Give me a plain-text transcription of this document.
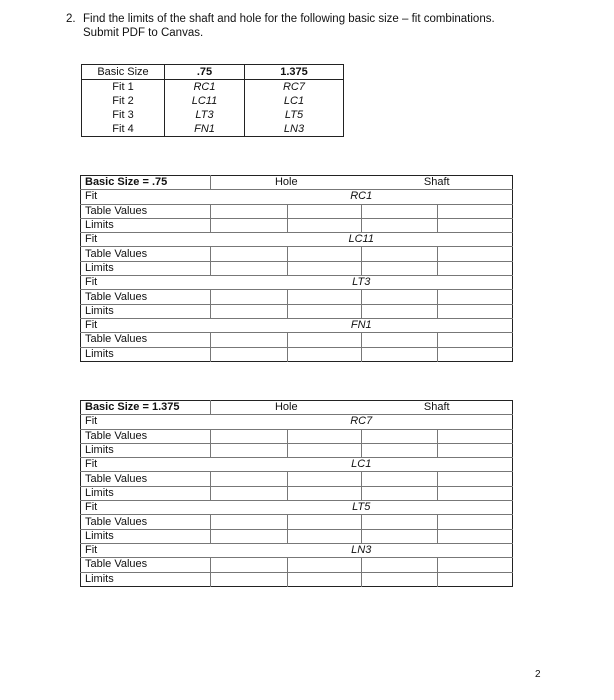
2. Find the limits of the shaft and hole for the following basic size – fit combinations.
Submit PDF to Canvas.
Basic Size	.75	1.375
Fit 1	RC1	RC7
Fit 2	LC11	LC1
Fit 3	LT3	LT5
Fit 4	FN1	LN3
Basic Size = .75	Hole		Shaft	
Fit	RC1			
Table Values				
Limits				
Fit	LC11			
Table Values				
Limits				
Fit	LT3			
Table Values				
Limits				
Fit	FN1			
Table Values				
Limits				
Basic Size = 1.375	Hole		Shaft	
Fit	RC7			
Table Values				
Limits				
Fit	LC1			
Table Values				
Limits				
Fit	LT5			
Table Values				
Limits				
Fit	LN3			
Table Values				
Limits				
2
